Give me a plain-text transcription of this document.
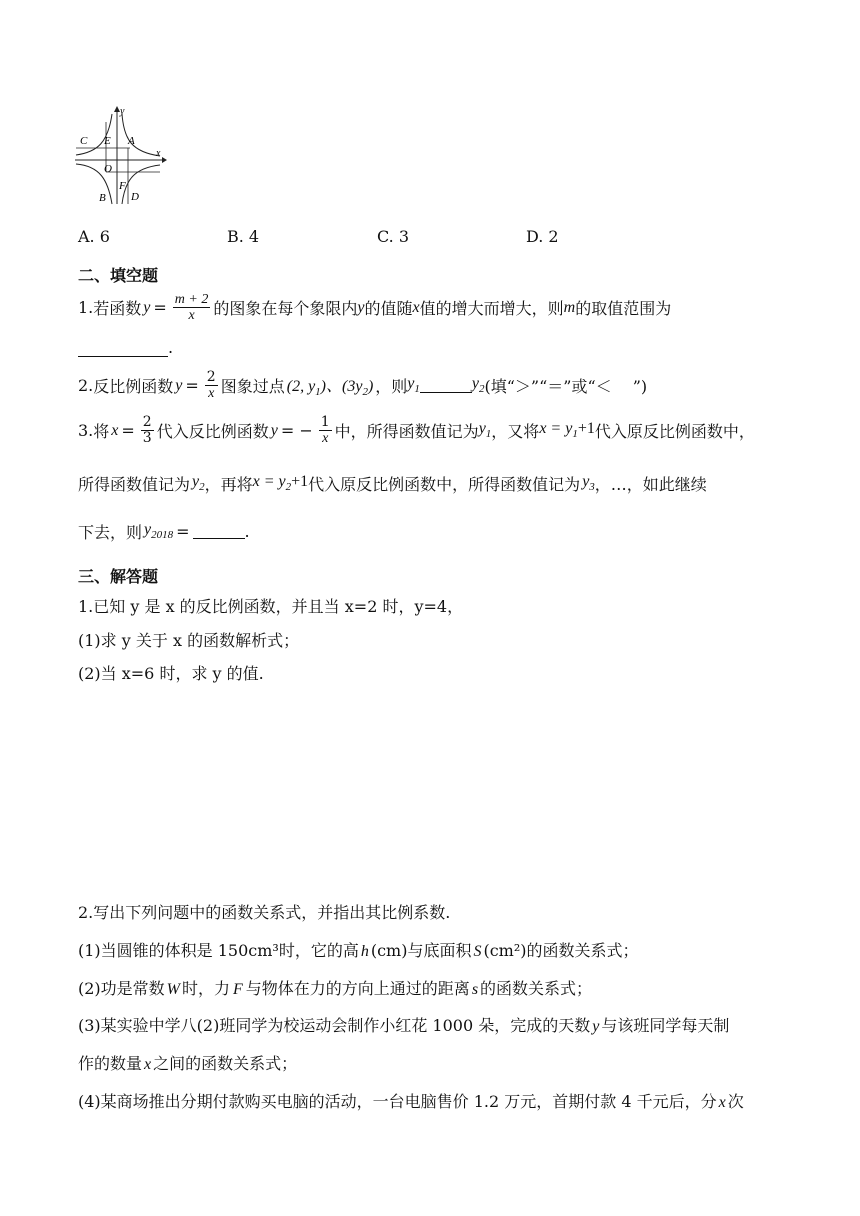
y
x
O
C E A
F
B D
A. 6	B. 4	C. 3	D. 2
二、填空题
1. 若函数 $y = \frac{m + 2}{x}$ 的图象在每个象限内 y 的值随 x 值的增大而增大，则 m 的取值范围为
.
2. 反比例函数 $y = \frac{2}{x}$ 图象过点 (2, $y_1$)、$(3y_2)$ ，则 $y_1$	$y_2$ (填“＞”“＝”或“＜　 ”)
3. 将 $x = \frac{2}{3}$ 代入反比例函数 y = − $\frac{1}{x}$ 中，所得函数值记为 $y_1$ ，又将 $x = y_1+1$ 代入原反比例函数中，
所得函数值记为 $y_2$ ，再将 $x = y_2+1$ 代入原反比例函数中，所得函数值记为 $y_3$ ，…，如此继续
下去，则 $y_{2018}$ =	.
三、解答题
1.已知 y 是 x 的反比例函数，并且当 x=2 时，y=4，
(1)求 y 关于 x 的函数解析式；
(2)当 x=6 时，求 y 的值.
2.写出下列问题中的函数关系式，并指出其比例系数.
(1)当圆锥的体积是 150cm³时，它的高 h (cm)与底面积 S (cm²)的函数关系式；
(2)功是常数 W 时，力 F 与物体在力的方向上通过的距离 s 的函数关系式；
(3)某实验中学八(2)班同学为校运动会制作小红花 1000 朵，完成的天数 y 与该班同学每天制
作的数量 x 之间的函数关系式；
(4)某商场推出分期付款购买电脑的活动，一台电脑售价 1.2 万元，首期付款 4 千元后，分 x 次
